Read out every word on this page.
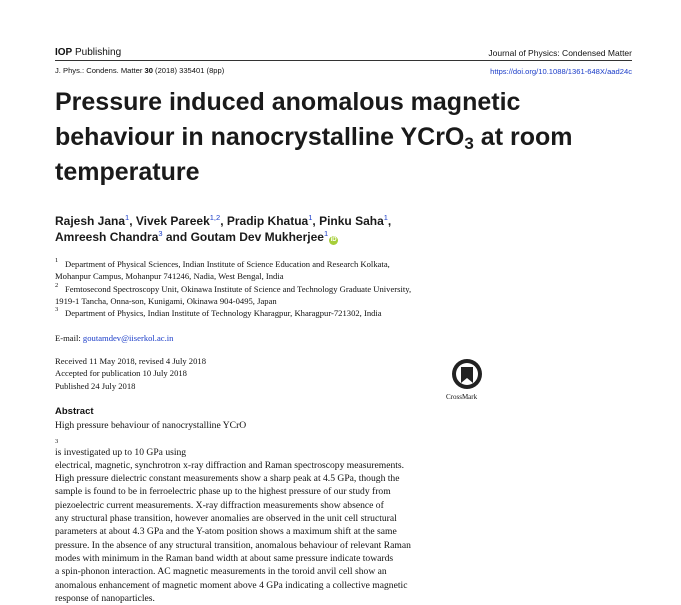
IOP Publishing	Journal of Physics: Condensed Matter
J. Phys.: Condens. Matter 30 (2018) 335401 (8pp)	https://doi.org/10.1088/1361-648X/aad24c
Pressure induced anomalous magnetic
behaviour in nanocrystalline YCrO$_3$ at room
temperature
Rajesh Jana$^1$, Vivek Pareek$^{1,2}$, Pradip Khatua$^1$, Pinku Saha$^1$,
Amreesh Chandra$^3$ and Goutam Dev Mukherjee$^1$iD
1 Department of Physical Sciences, Indian Institute of Science Education and Research Kolkata,
Mohanpur Campus, Mohanpur 741246, Nadia, West Bengal, India
2 Femtosecond Spectroscopy Unit, Okinawa Institute of Science and Technology Graduate University,
1919-1 Tancha, Onna-son, Kunigami, Okinawa 904-0495, Japan
3 Department of Physics, Indian Institute of Technology Kharagpur, Kharagpur-721302, India
E-mail: goutamdev@iiserkol.ac.in
Received 11 May 2018, revised 4 July 2018
Accepted for publication 10 July 2018
Published 24 July 2018
CrossMark
Abstract
High pressure behaviour of nanocrystalline YCrO
$_3$
is investigated up to 10 GPa using
electrical, magnetic, synchrotron x-ray diffraction and Raman spectroscopy measurements.
High pressure dielectric constant measurements show a sharp peak at 4.5 GPa, though the
sample is found to be in ferroelectric phase up to the highest pressure of our study from
piezoelectric current measurements. X-ray diffraction measurements show absence of
any structural phase transition, however anomalies are observed in the unit cell structural
parameters at about 4.3 GPa and the Y-atom position shows a maximum shift at the same
pressure. In the absence of any structural transition, anomalous behaviour of relevant Raman
modes with minimum in the Raman band width at about same pressure indicate towards
a spin-phonon interaction. AC magnetic measurements in the toroid anvil cell show an
anomalous enhancement of magnetic moment above 4 GPa indicating a collective magnetic
response of nanoparticles.
